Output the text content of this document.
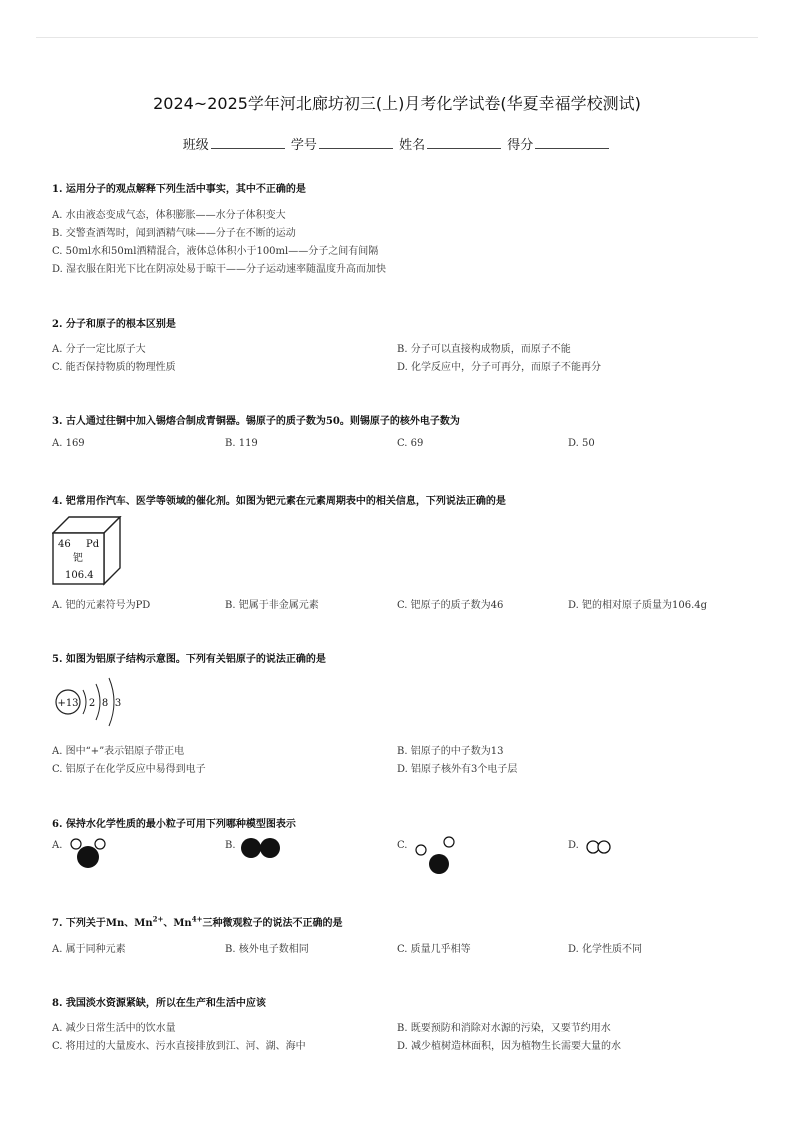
2024~2025学年河北廊坊初三(上)月考化学试卷(华夏幸福学校测试)
班级	学号	姓名	得分
1. 运用分子的观点解释下列生活中事实，其中不正确的是
A. 水由液态变成气态，体积膨胀——水分子体积变大
B. 交警查酒驾时，闻到酒精气味——分子在不断的运动
C. 50ml水和50ml酒精混合，液体总体积小于100ml——分子之间有间隔
D. 湿衣服在阳光下比在阴凉处易于晾干——分子运动速率随温度升高而加快
2. 分子和原子的根本区别是
A. 分子一定比原子大	B. 分子可以直接构成物质，而原子不能
C. 能否保持物质的物理性质	D. 化学反应中，分子可再分，而原子不能再分
3. 古人通过往铜中加入锡熔合制成青铜器。锡原子的质子数为50。则锡原子的核外电子数为
A. 169	B. 119	C. 69	D. 50
4. 钯常用作汽车、医学等领域的催化剂。如图为钯元素在元素周期表中的相关信息，下列说法正确的是
46 Pd
钯
106.4
A. 钯的元素符号为PD	B. 钯属于非金属元素	C. 钯原子的质子数为46	D. 钯的相对原子质量为106.4g
5. 如图为铝原子结构示意图。下列有关铝原子的说法正确的是
+13 2 8 3
A. 图中“+”表示铝原子带正电	B. 铝原子的中子数为13
C. 铝原子在化学反应中易得到电子	D. 铝原子核外有3个电子层
6. 保持水化学性质的最小粒子可用下列哪种模型图表示
A.	B.	C.	D.
7. 下列关于Mn、$Mn^{2+}$、$Mn^{4+}$三种微观粒子的说法不正确的是
A. 属于同种元素	B. 核外电子数相同	C. 质量几乎相等	D. 化学性质不同
8. 我国淡水资源紧缺，所以在生产和生活中应该
A. 减少日常生活中的饮水量	B. 既要预防和消除对水源的污染，又要节约用水
C. 将用过的大量废水、污水直接排放到江、河、湖、海中	D. 减少植树造林面积，因为植物生长需要大量的水
